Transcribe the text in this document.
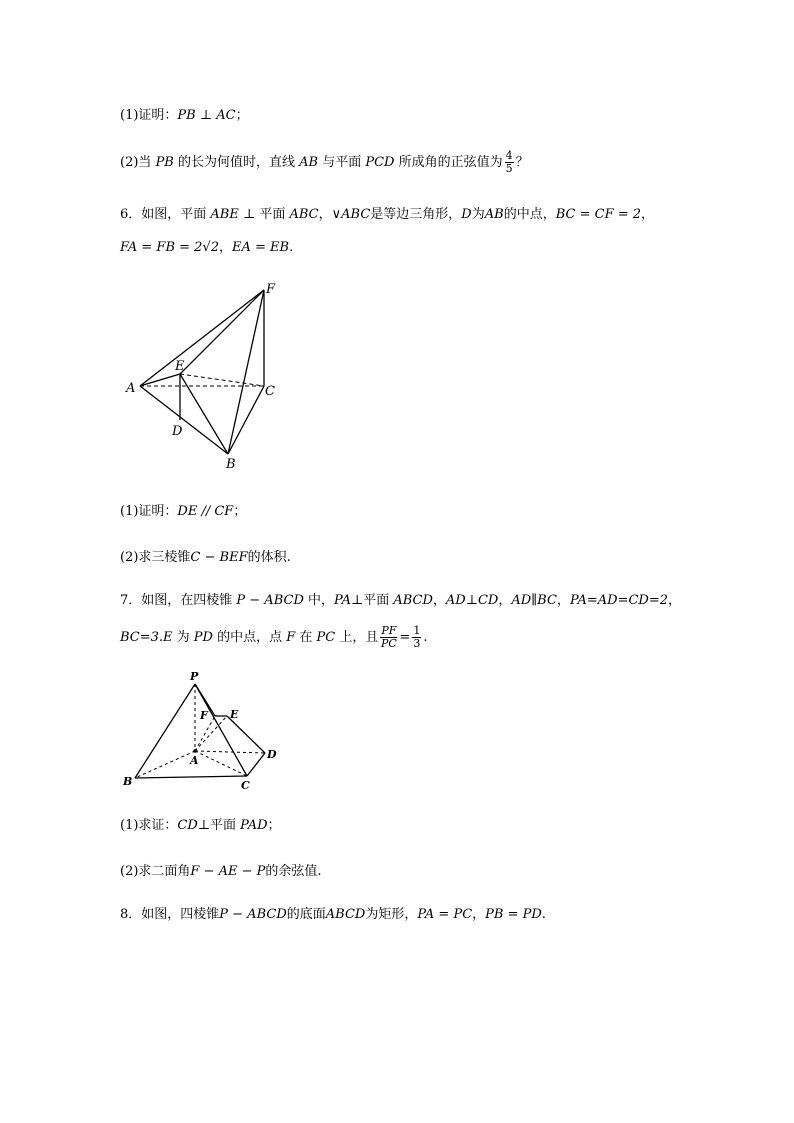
(1)证明：PB ⊥ AC；
(2)当 PB 的长为何值时，直线 AB 与平面 PCD 所成角的正弦值为 $\frac{4}{5}$ ？
6．如图，平面 ABE ⊥ 平面 ABC，∨ABC是等边三角形，D为AB的中点，BC = CF = 2，
FA = FB = 2√2，EA = EB.
F
E
A	C
D
B
(1)证明：DE // CF；
(2)求三棱锥C − BEF的体积.
7．如图，在四棱锥 P − ABCD 中，PA⊥平面 ABCD，AD⊥CD，AD∥BC，PA=AD=CD=2，
BC=3.E 为 PD 的中点，点 F 在 PC 上，且 $\frac{PF}{PC} = \frac{1}{3}$ .
P
F E
A	D
B	C
(1)求证：CD⊥平面 PAD；
(2)求二面角F − AE − P的余弦值.
8．如图，四棱锥P − ABCD的底面ABCD为矩形，PA = PC，PB = PD.
